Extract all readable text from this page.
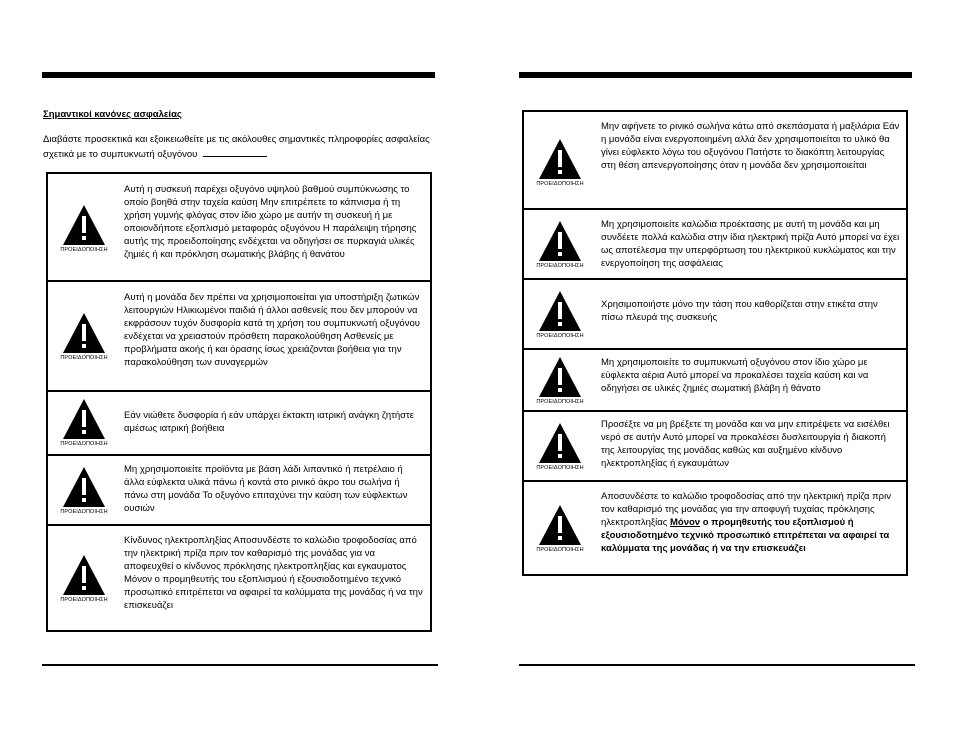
Σημαντικοί κανόνες ασφαλείας
Διαβάστε προσεκτικά και εξοικειωθείτε με τις ακόλουθες σημαντικές πληροφορίες ασφαλείας σχετικά με το συμπυκνωτή οξυγόνου
ΠΡΟΕΙΔΟΠΟΙΗΣΗ
Αυτή η συσκευή παρέχει οξυγόνο υψηλού βαθμού συμπύκνωσης το οποίο βοηθά στην ταχεία καύση Μην επιτρέπετε το κάπνισμα ή τη χρήση γυμνής φλόγας στον ίδιο χώρο με αυτήν τη συσκευή ή με οποιονδήποτε εξοπλισμό μεταφοράς οξυγόνου Η παράλειψη τήρησης αυτής της προειδοποίησης ενδέχεται να οδηγήσει σε πυρκαγιά υλικές ζημιές ή και πρόκληση σωματικής βλάβης ή θανάτου
ΠΡΟΕΙΔΟΠΟΙΗΣΗ
Αυτή η μονάδα δεν πρέπει να χρησιμοποιείται για υποστήριξη ζωτικών λειτουργιών Ηλικιωμένοι παιδιά ή άλλοι ασθενείς που δεν μπορούν να εκφράσουν τυχόν δυσφορία κατά τη χρήση του συμπυκνωτή οξυγόνου ενδέχεται να χρειαστούν πρόσθετη παρακολούθηση Ασθενείς με προβλήματα ακοής ή και όρασης ίσως χρειάζονται βοήθεια για την παρακολούθηση των συναγερμών
ΠΡΟΕΙΔΟΠΟΙΗΣΗ
Εάν νιώθετε δυσφορία ή εάν υπάρχει έκτακτη ιατρική ανάγκη ζητήστε αμέσως ιατρική βοήθεια
ΠΡΟΕΙΔΟΠΟΙΗΣΗ
Μη χρησιμοποιείτε προϊόντα με βάση λάδι λιπαντικό ή πετρέλαιο ή άλλα εύφλεκτα υλικά πάνω ή κοντά στο ρινικό άκρο του σωλήνα ή πάνω στη μονάδα Το οξυγόνο επιταχύνει την καύση των εύφλεκτων ουσιών
ΠΡΟΕΙΔΟΠΟΙΗΣΗ
Κίνδυνος ηλεκτροπληξίας Αποσυνδέστε το καλώδιο τροφοδοσίας από την ηλεκτρική πρίζα πριν τον καθαρισμό της μονάδας για να αποφευχθεί ο κίνδυνος πρόκλησης ηλεκτροπληξίας και εγκαυματος Μόνον ο προμηθευτής του εξοπλισμού ή εξουσιοδοτημένο τεχνικό προσωπικό επιτρέπεται να αφαιρεί τα καλύμματα της μονάδας ή να την επισκευάζει
ΠΡΟΕΙΔΟΠΟΙΗΣΗ
Μην αφήνετε το ρινικό σωλήνα κάτω από σκεπάσματα ή μαξιλάρια Εάν η μονάδα είναι ενεργοποιημένη αλλά δεν χρησιμοποιείται το υλικό θα γίνει εύφλεκτο λόγω του οξυγόνου Πατήστε το διακόπτη λειτουργίας στη θέση απενεργοποίησης όταν η μονάδα δεν χρησιμοποιείται
ΠΡΟΕΙΔΟΠΟΙΗΣΗ
Μη χρησιμοποιείτε καλώδια προέκτασης με αυτή τη μονάδα και μη συνδέετε πολλά καλώδια στην ίδια ηλεκτρική πρίζα Αυτό μπορεί να έχει ως αποτέλεσμα την υπερφόρτωση του ηλεκτρικού κυκλώματος και την ενεργοποίηση της ασφάλειας
ΠΡΟΕΙΔΟΠΟΙΗΣΗ
Χρησιμοποιήστε μόνο την τάση που καθορίζεται στην ετικέτα στην πίσω πλευρά της συσκευής
ΠΡΟΕΙΔΟΠΟΙΗΣΗ
Μη χρησιμοποιείτε το συμπυκνωτή οξυγόνου στον ίδιο χώρο με εύφλεκτα αέρια Αυτό μπορεί να προκαλέσει ταχεία καύση και να οδηγήσει σε υλικές ζημιές σωματική βλάβη ή θάνατο
ΠΡΟΕΙΔΟΠΟΙΗΣΗ
Προσέξτε να μη βρέξετε τη μονάδα και να μην επιτρέψετε να εισέλθει νερό σε αυτήν Αυτό μπορεί να προκαλέσει δυσλειτουργία ή διακοπή της λειτουργίας της μονάδας καθώς και αυξημένο κίνδυνο ηλεκτροπληξίας ή εγκαυμάτων
ΠΡΟΕΙΔΟΠΟΙΗΣΗ
Αποσυνδέστε το καλώδιο τροφοδοσίας από την ηλεκτρική πρίζα πριν τον καθαρισμό της μονάδας για την αποφυγή τυχαίας πρόκλησης ηλεκτροπληξίας Μόνον ο προμηθευτής του εξοπλισμού ή εξουσιοδοτημένο τεχνικό προσωπικό επιτρέπεται να αφαιρεί τα καλύμματα της μονάδας ή να την επισκευάζει
